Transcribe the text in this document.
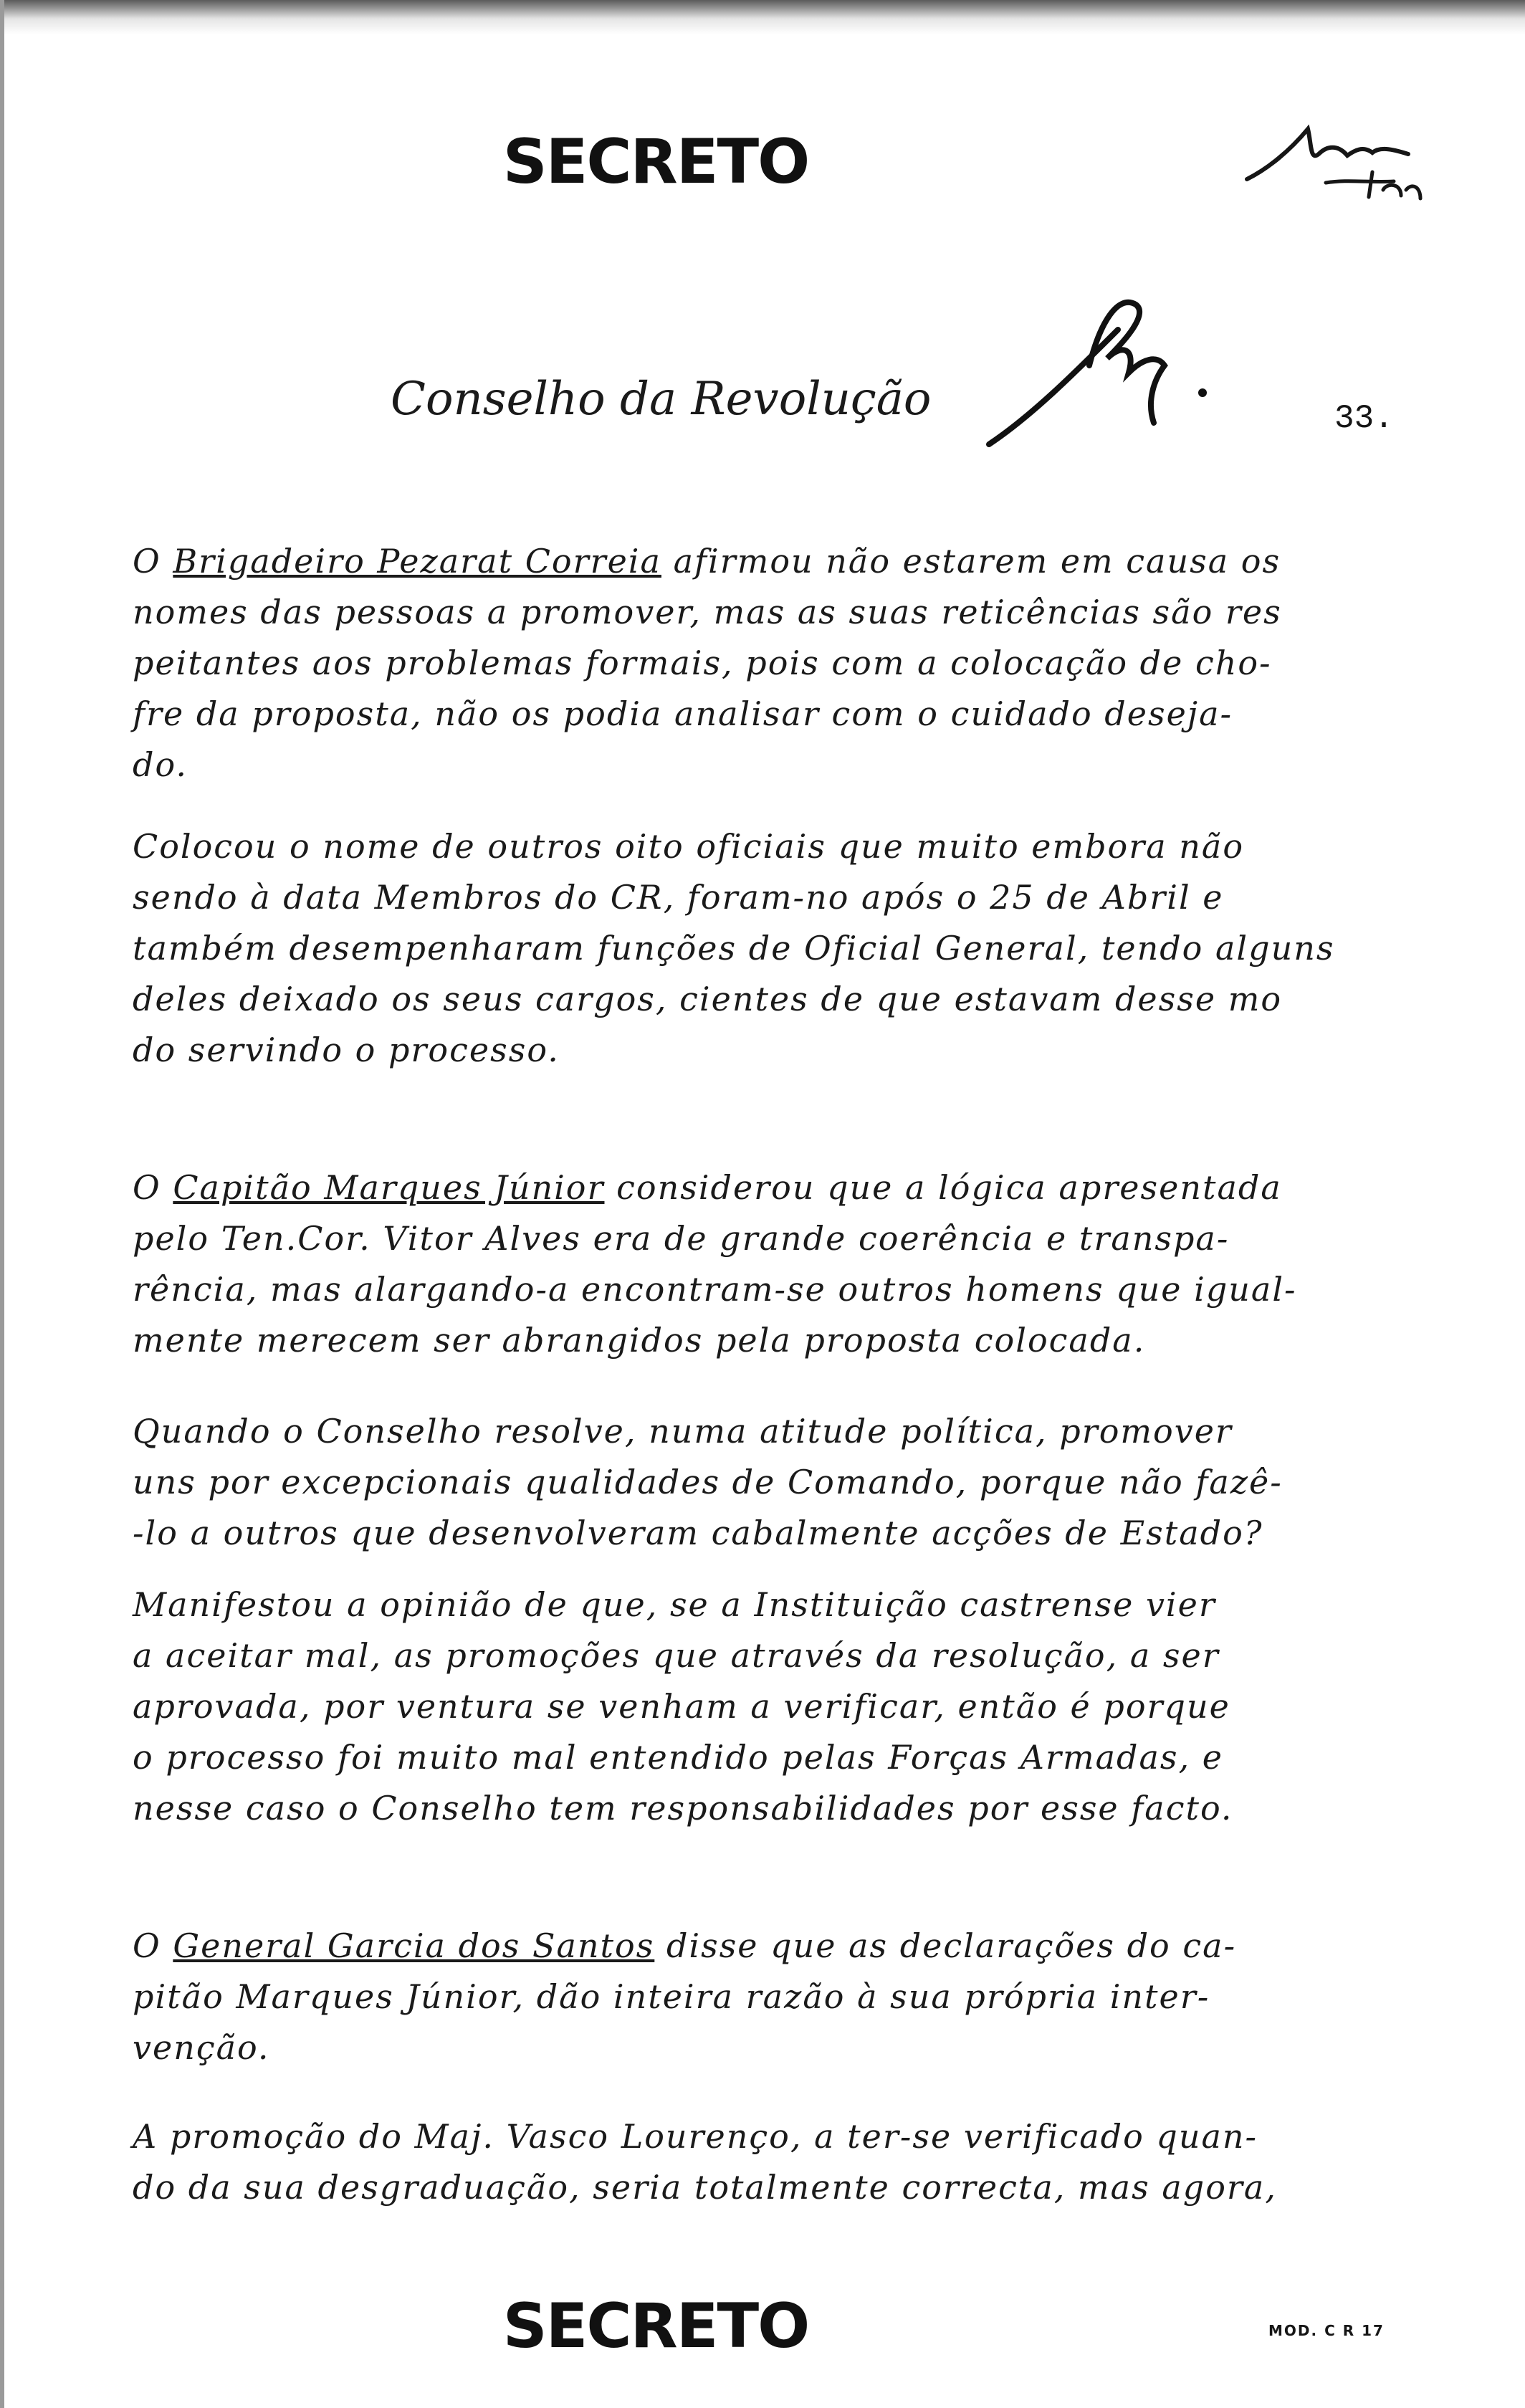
SECRETO
Conselho da Revolução	33.

O Brigadeiro Pezarat Correia afirmou não estarem em causa os
nomes das pessoas a promover, mas as suas reticências são res
peitantes aos problemas formais, pois com a colocação de cho-
fre da proposta, não os podia analisar com o cuidado deseja-
do.

Colocou o nome de outros oito oficiais que muito embora não
sendo à data Membros do CR, foram-no após o 25 de Abril e
também desempenharam funções de Oficial General, tendo alguns
deles deixado os seus cargos, cientes de que estavam desse mo
do servindo o processo.

O Capitão Marques Júnior considerou que a lógica apresentada
pelo Ten.Cor. Vitor Alves era de grande coerência e transpa-
rência, mas alargando-a encontram-se outros homens que igual-
mente merecem ser abrangidos pela proposta colocada.

Quando o Conselho resolve, numa atitude política, promover
uns por excepcionais qualidades de Comando, porque não fazê-
-lo a outros que desenvolveram cabalmente acções de Estado?

Manifestou a opinião de que, se a Instituição castrense vier
a aceitar mal, as promoções que através da resolução, a ser
aprovada, por ventura se venham a verificar, então é porque
o processo foi muito mal entendido pelas Forças Armadas, e
nesse caso o Conselho tem responsabilidades por esse facto.

O General Garcia dos Santos disse que as declarações do ca-
pitão Marques Júnior, dão inteira razão à sua própria inter-
venção.

A promoção do Maj. Vasco Lourenço, a ter-se verificado quan-
do da sua desgraduação, seria totalmente correcta, mas agora,

SECRETO	MOD. C R 17
